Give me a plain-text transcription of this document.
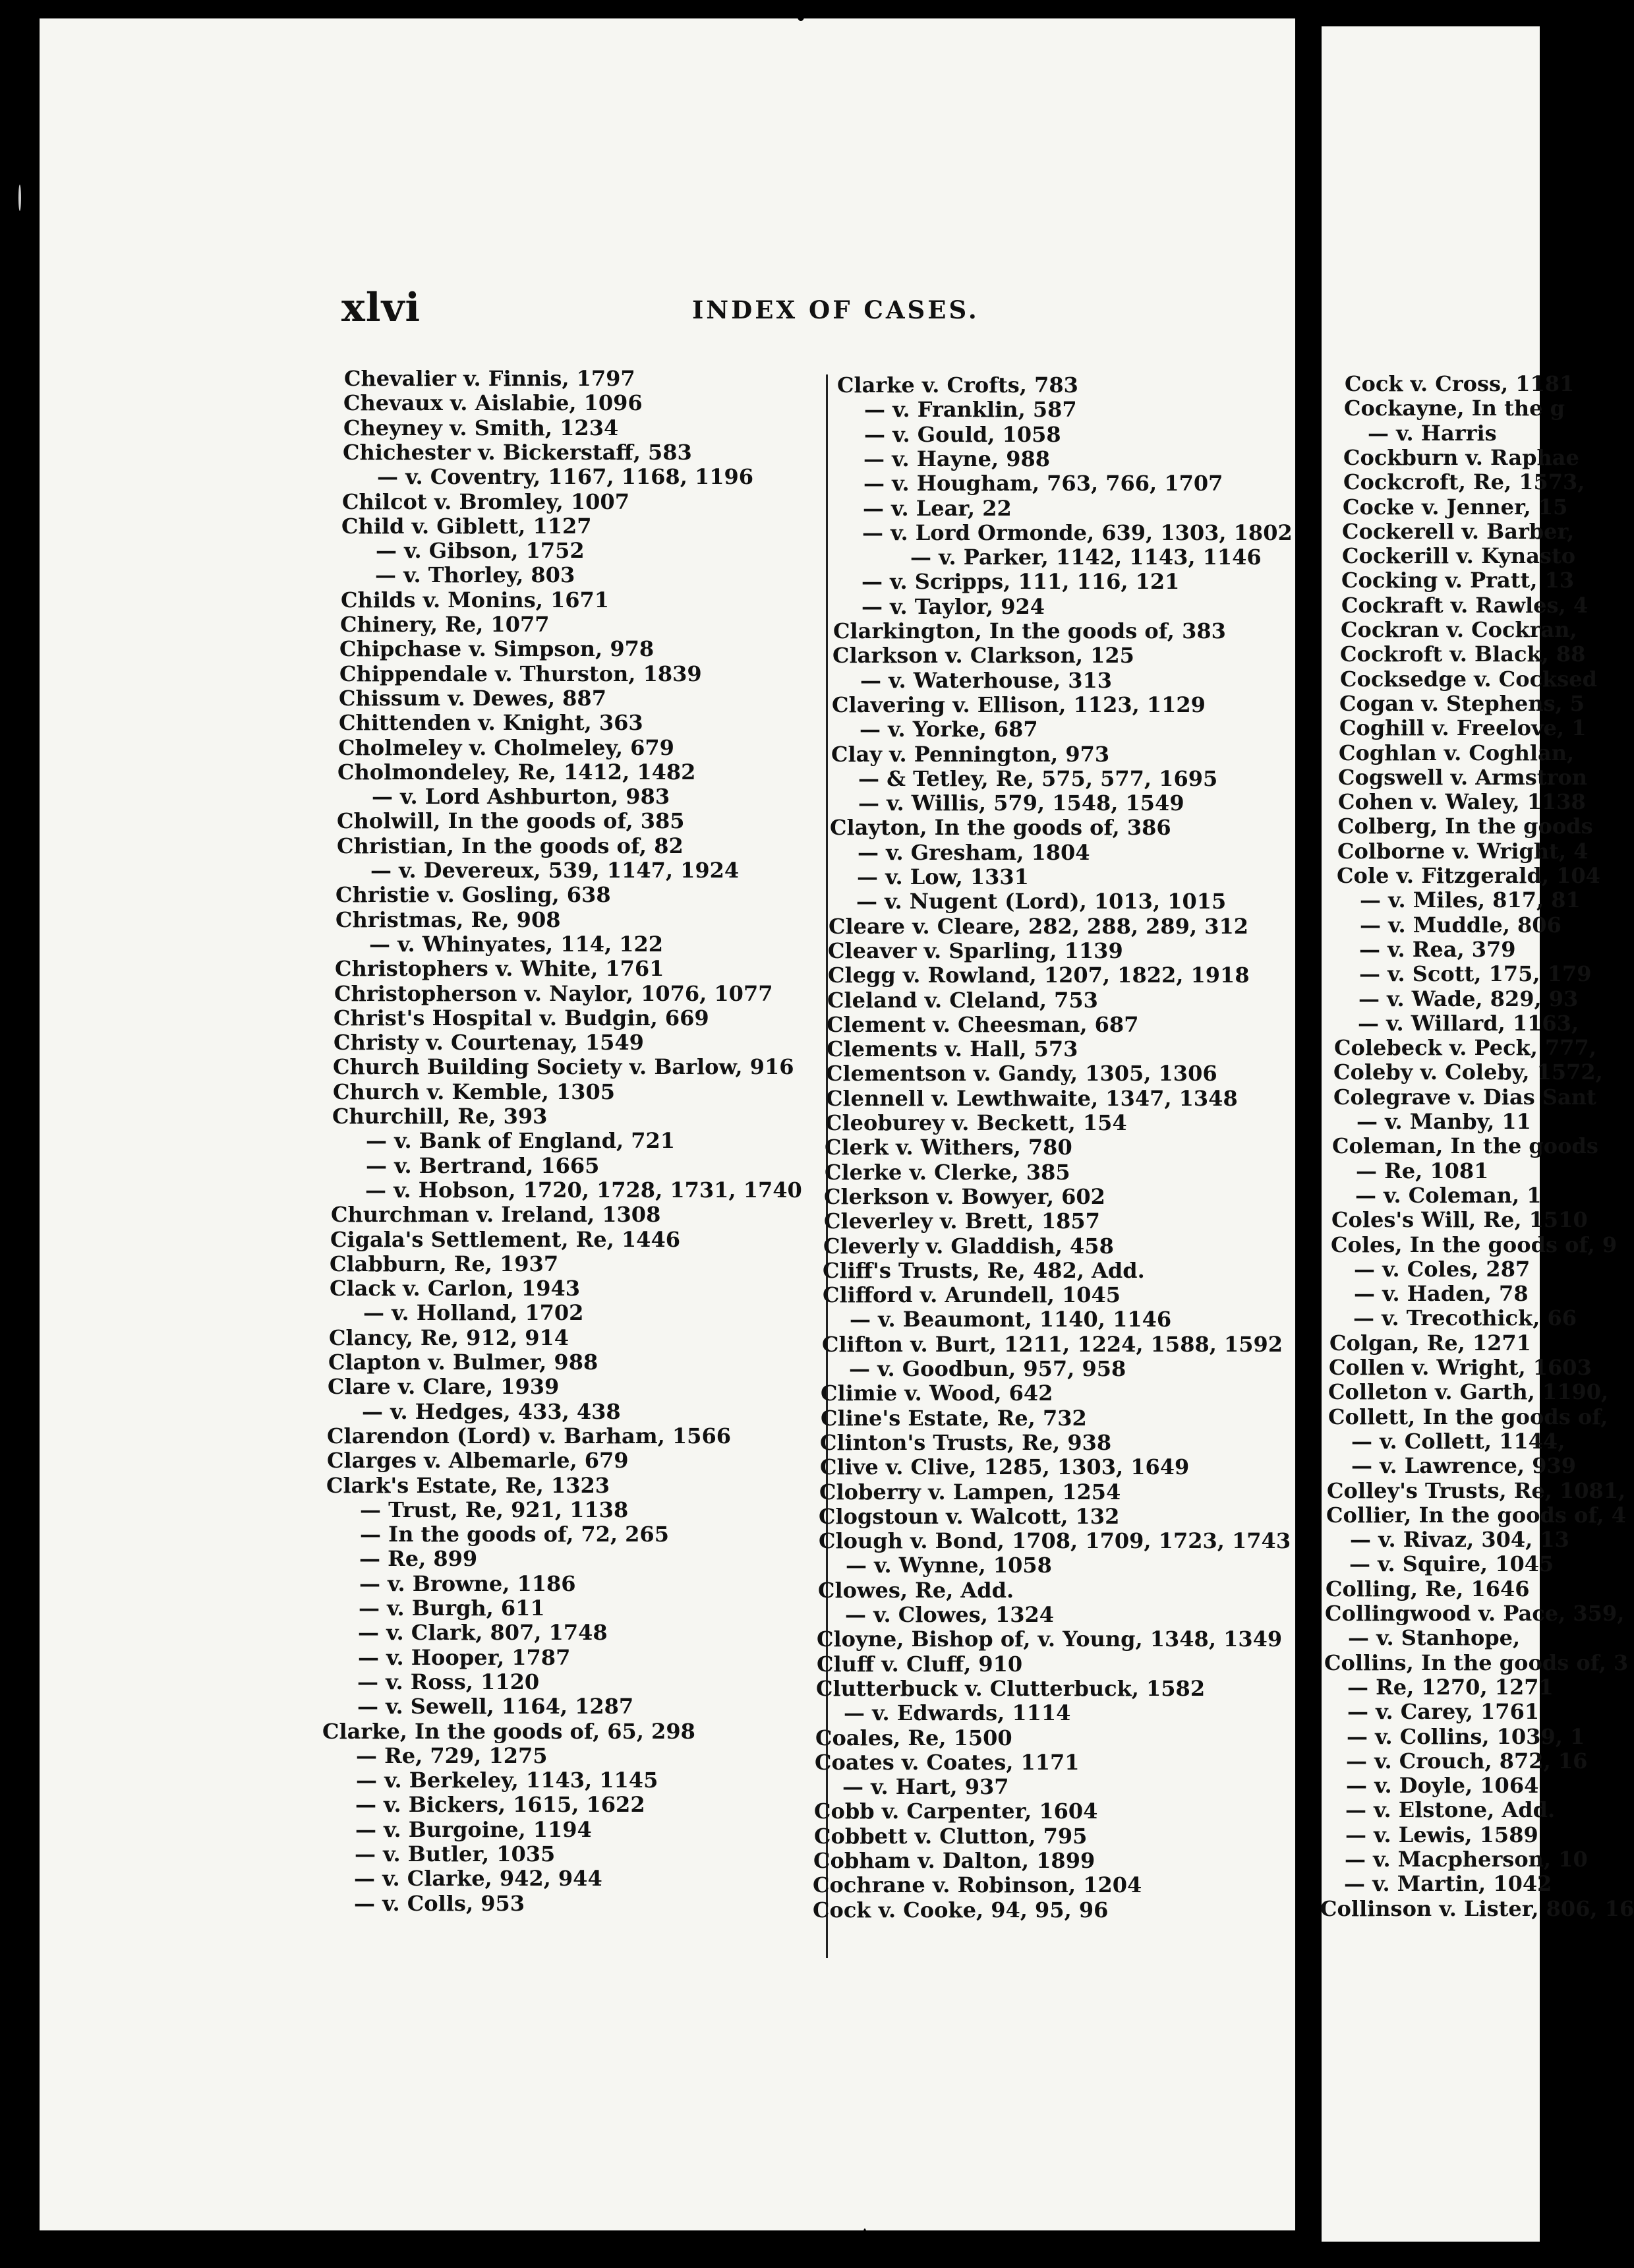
xlvi	INDEX OF CASES.
Chevalier v. Finnis, 1797
Chevaux v. Aislabie, 1096
Cheyney v. Smith, 1234
Chichester v. Bickerstaff, 583
— v. Coventry, 1167, 1168, 1196
Chilcot v. Bromley, 1007
Child v. Giblett, 1127
— v. Gibson, 1752
— v. Thorley, 803
Childs v. Monins, 1671
Chinery, Re, 1077
Chipchase v. Simpson, 978
Chippendale v. Thurston, 1839
Chissum v. Dewes, 887
Chittenden v. Knight, 363
Cholmeley v. Cholmeley, 679
Cholmondeley, Re, 1412, 1482
— v. Lord Ashburton, 983
Cholwill, In the goods of, 385
Christian, In the goods of, 82
— v. Devereux, 539, 1147, 1924
Christie v. Gosling, 638
Christmas, Re, 908
— v. Whinyates, 114, 122
Christophers v. White, 1761
Christopherson v. Naylor, 1076, 1077
Christ's Hospital v. Budgin, 669
Christy v. Courtenay, 1549
Church Building Society v. Barlow, 916
Church v. Kemble, 1305
Churchill, Re, 393
— v. Bank of England, 721
— v. Bertrand, 1665
— v. Hobson, 1720, 1728, 1731, 1740
Churchman v. Ireland, 1308
Cigala's Settlement, Re, 1446
Clabburn, Re, 1937
Clack v. Carlon, 1943
— v. Holland, 1702
Clancy, Re, 912, 914
Clapton v. Bulmer, 988
Clare v. Clare, 1939
— v. Hedges, 433, 438
Clarendon (Lord) v. Barham, 1566
Clarges v. Albemarle, 679
Clark's Estate, Re, 1323
— Trust, Re, 921, 1138
— In the goods of, 72, 265
— Re, 899
— v. Browne, 1186
— v. Burgh, 611
— v. Clark, 807, 1748
— v. Hooper, 1787
— v. Ross, 1120
— v. Sewell, 1164, 1287
Clarke, In the goods of, 65, 298
— Re, 729, 1275
— v. Berkeley, 1143, 1145
— v. Bickers, 1615, 1622
— v. Burgoine, 1194
— v. Butler, 1035
— v. Clarke, 942, 944
— v. Colls, 953
Clarke v. Crofts, 783
— v. Franklin, 587
— v. Gould, 1058
— v. Hayne, 988
— v. Hougham, 763, 766, 1707
— v. Lear, 22
— v. Lord Ormonde, 639, 1303, 1802
— v. Parker, 1142, 1143, 1146
— v. Scripps, 111, 116, 121
— v. Taylor, 924
Clarkington, In the goods of, 383
Clarkson v. Clarkson, 125
— v. Waterhouse, 313
Clavering v. Ellison, 1123, 1129
— v. Yorke, 687
Clay v. Pennington, 973
— & Tetley, Re, 575, 577, 1695
— v. Willis, 579, 1548, 1549
Clayton, In the goods of, 386
— v. Gresham, 1804
— v. Low, 1331
— v. Nugent (Lord), 1013, 1015
Cleare v. Cleare, 282, 288, 289, 312
Cleaver v. Sparling, 1139
Clegg v. Rowland, 1207, 1822, 1918
Cleland v. Cleland, 753
Clement v. Cheesman, 687
Clements v. Hall, 573
Clementson v. Gandy, 1305, 1306
Clennell v. Lewthwaite, 1347, 1348
Cleoburey v. Beckett, 154
Clerk v. Withers, 780
Clerke v. Clerke, 385
Clerkson v. Bowyer, 602
Cleverley v. Brett, 1857
Cleverly v. Gladdish, 458
Cliff's Trusts, Re, 482, Add.
Clifford v. Arundell, 1045
— v. Beaumont, 1140, 1146
Clifton v. Burt, 1211, 1224, 1588, 1592
— v. Goodbun, 957, 958
Climie v. Wood, 642
Cline's Estate, Re, 732
Clinton's Trusts, Re, 938
Clive v. Clive, 1285, 1303, 1649
Cloberry v. Lampen, 1254
Clogstoun v. Walcott, 132
Clough v. Bond, 1708, 1709, 1723, 1743
— v. Wynne, 1058
Clowes, Re, Add.
— v. Clowes, 1324
Cloyne, Bishop of, v. Young, 1348, 1349
Cluff v. Cluff, 910
Clutterbuck v. Clutterbuck, 1582
— v. Edwards, 1114
Coales, Re, 1500
Coates v. Coates, 1171
— v. Hart, 937
Cobb v. Carpenter, 1604
Cobbett v. Clutton, 795
Cobham v. Dalton, 1899
Cochrane v. Robinson, 1204
Cock v. Cooke, 94, 95, 96
Cock v. Cross, 1181
Cockayne, In the g
— v. Harris
Cockburn v. Raphae
Cockcroft, Re, 1573,
Cocke v. Jenner, 15
Cockerell v. Barber,
Cockerill v. Kynasto
Cocking v. Pratt, 13
Cockraft v. Rawles, 4
Cockran v. Cockran,
Cockroft v. Black, 88
Cocksedge v. Cocksed
Cogan v. Stephens, 5
Coghill v. Freelove, 1
Coghlan v. Coghlan,
Cogswell v. Armstron
Cohen v. Waley, 1138
Colberg, In the goods
Colborne v. Wright, 4
Cole v. Fitzgerald, 104
— v. Miles, 817, 81
— v. Muddle, 806
— v. Rea, 379
— v. Scott, 175, 179
— v. Wade, 829, 93
— v. Willard, 1163,
Colebeck v. Peck, 777,
Coleby v. Coleby, 1572,
Colegrave v. Dias Sant
— v. Manby, 11
Coleman, In the goods
— Re, 1081
— v. Coleman, 1
Coles's Will, Re, 1510
Coles, In the goods of, 9
— v. Coles, 287
— v. Haden, 78
— v. Trecothick, 66
Colgan, Re, 1271
Collen v. Wright, 1603
Colleton v. Garth, 1190,
Collett, In the goods of,
— v. Collett, 1144,
— v. Lawrence, 939
Colley's Trusts, Re, 1081,
Collier, In the goods of, 4
— v. Rivaz, 304, 13
— v. Squire, 1045
Colling, Re, 1646
Collingwood v. Pace, 359,
— v. Stanhope,
Collins, In the goods of, 3
— Re, 1270, 1271
— v. Carey, 1761
— v. Collins, 1039, 1
— v. Crouch, 872, 16
— v. Doyle, 1064
— v. Elstone, Add.
— v. Lewis, 1589
— v. Macpherson, 10
— v. Martin, 1042
Collinson v. Lister, 806, 16
